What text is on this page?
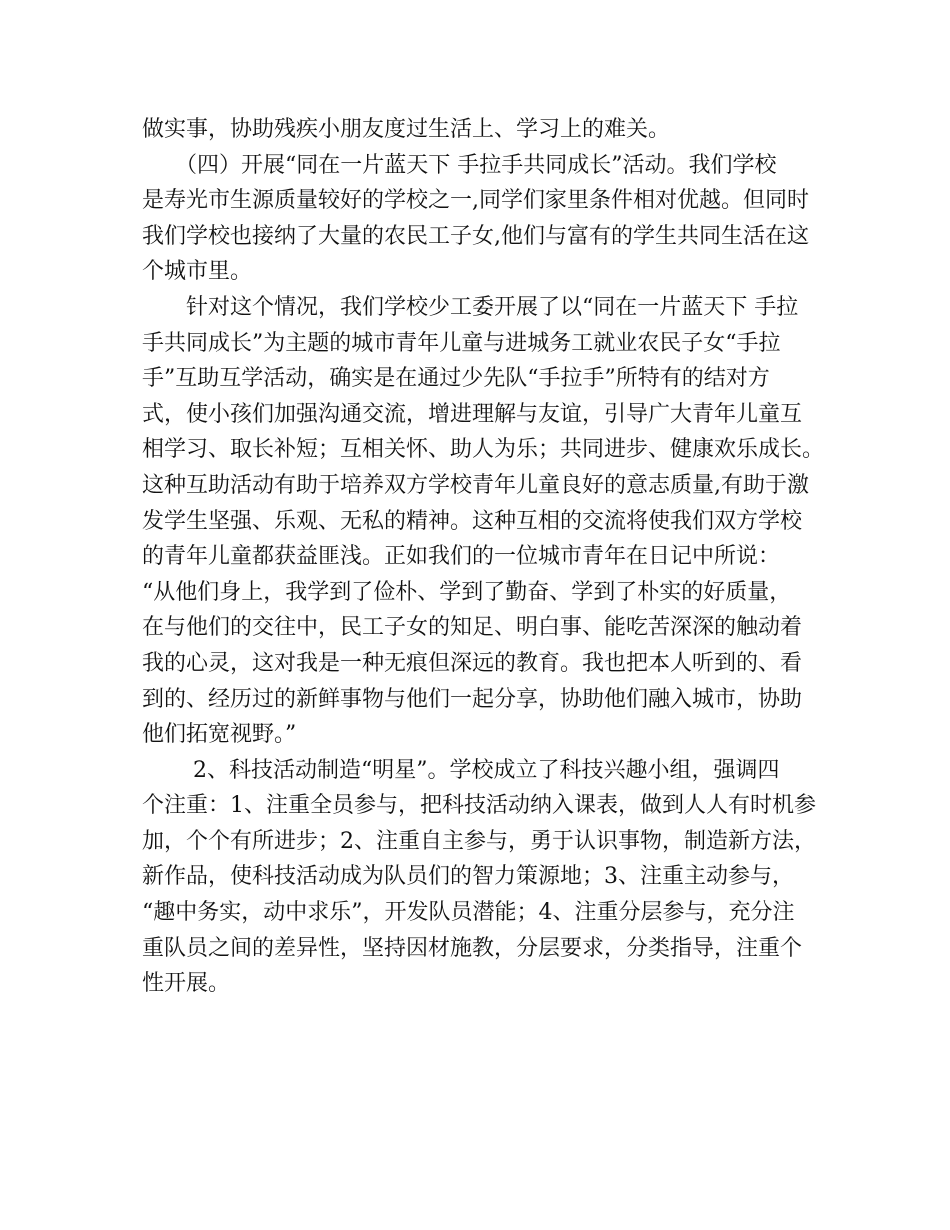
做实事，协助残疾小朋友度过生活上、学习上的难关。
　　（四）开展“同在一片蓝天下 手拉手共同成长”活动。我们学校
是寿光市生源质量较好的学校之一,同学们家里条件相对优越。但同时
我们学校也接纳了大量的农民工子女,他们与富有的学生共同生活在这
个城市里。
　　针对这个情况，我们学校少工委开展了以“同在一片蓝天下 手拉
手共同成长”为主题的城市青年儿童与进城务工就业农民子女“手拉
手”互助互学活动，确实是在通过少先队“手拉手”所特有的结对方
式，使小孩们加强沟通交流，增进理解与友谊，引导广大青年儿童互
相学习、取长补短；互相关怀、助人为乐；共同进步、健康欢乐成长。
这种互助活动有助于培养双方学校青年儿童良好的意志质量,有助于激
发学生坚强、乐观、无私的精神。这种互相的交流将使我们双方学校
的青年儿童都获益匪浅。正如我们的一位城市青年在日记中所说：
“从他们身上，我学到了俭朴、学到了勤奋、学到了朴实的好质量，
在与他们的交往中，民工子女的知足、明白事、能吃苦深深的触动着
我的心灵，这对我是一种无痕但深远的教育。我也把本人听到的、看
到的、经历过的新鲜事物与他们一起分享，协助他们融入城市，协助
他们拓宽视野。”
　　 2、科技活动制造“明星”。学校成立了科技兴趣小组，强调四
个注重：1、注重全员参与，把科技活动纳入课表，做到人人有时机参
加，个个有所进步；2、注重自主参与，勇于认识事物，制造新方法，
新作品，使科技活动成为队员们的智力策源地；3、注重主动参与，
“趣中务实，动中求乐”，开发队员潜能；4、注重分层参与，充分注
重队员之间的差异性，坚持因材施教，分层要求，分类指导，注重个
性开展。
